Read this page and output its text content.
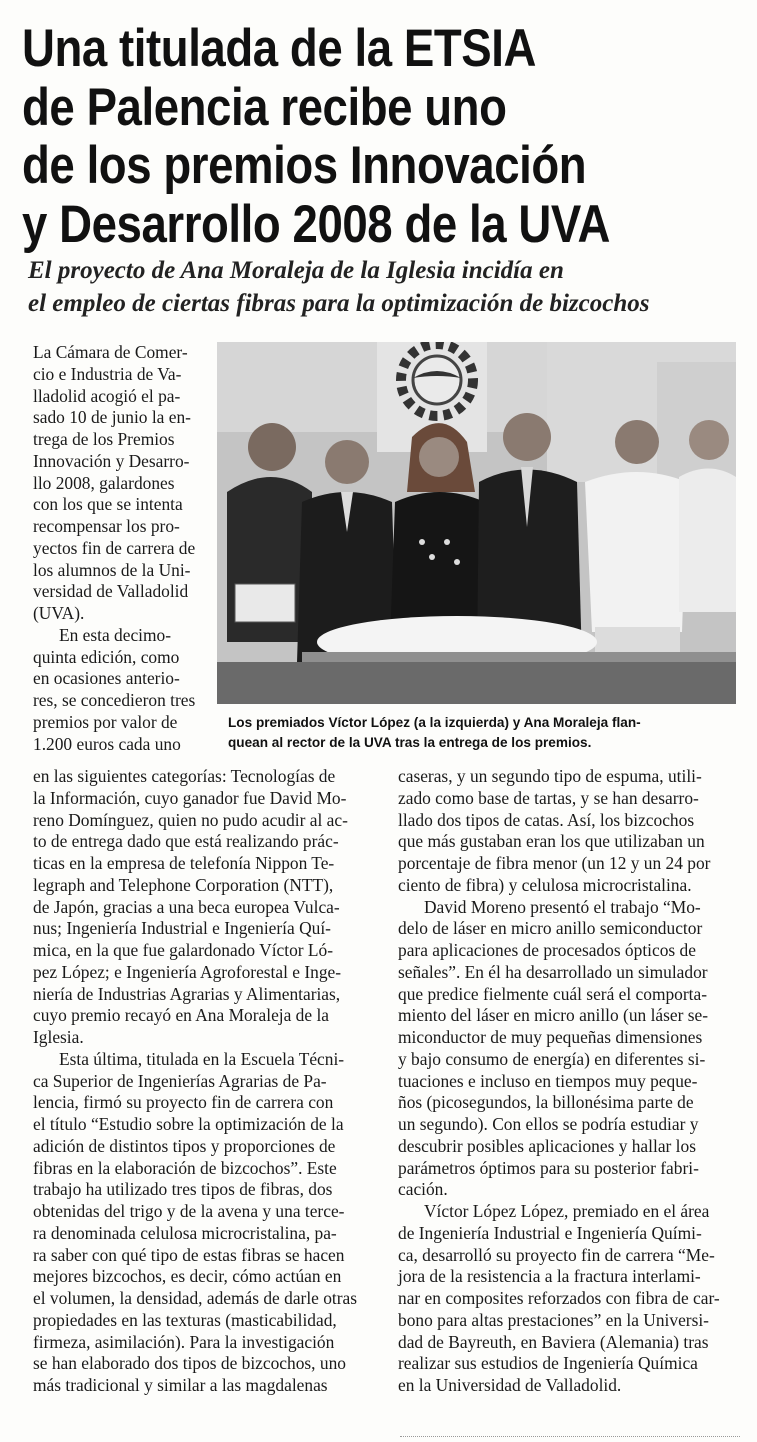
Una titulada de la ETSIA
de Palencia recibe uno
de los premios Innovación
y Desarrollo 2008 de la UVA
El proyecto de Ana Moraleja de la Iglesia incidía en
el empleo de ciertas fibras para la optimización de bizcochos
La Cámara de Comer-
cio e Industria de Va-
lladolid acogió el pa-
sado 10 de junio la en-
trega de los Premios
Innovación y Desarro-
llo 2008, galardones
con los que se intenta
recompensar los pro-
yectos fin de carrera de
los alumnos de la Uni-
versidad de Valladolid
(UVA).
En esta decimo-
quinta edición, como
en ocasiones anterio-
res, se concedieron tres
premios por valor de
1.200 euros cada uno
Los premiados Víctor López (a la izquierda) y Ana Moraleja flan-
quean al rector de la UVA tras la entrega de los premios.
en las siguientes categorías: Tecnologías de
la Información, cuyo ganador fue David Mo-
reno Domínguez, quien no pudo acudir al ac-
to de entrega dado que está realizando prác-
ticas en la empresa de telefonía Nippon Te-
legraph and Telephone Corporation (NTT),
de Japón, gracias a una beca europea Vulca-
nus; Ingeniería Industrial e Ingeniería Quí-
mica, en la que fue galardonado Víctor Ló-
pez López; e Ingeniería Agroforestal e Inge-
niería de Industrias Agrarias y Alimentarias,
cuyo premio recayó en Ana Moraleja de la
Iglesia.
Esta última, titulada en la Escuela Técni-
ca Superior de Ingenierías Agrarias de Pa-
lencia, firmó su proyecto fin de carrera con
el título “Estudio sobre la optimización de la
adición de distintos tipos y proporciones de
fibras en la elaboración de bizcochos”. Este
trabajo ha utilizado tres tipos de fibras, dos
obtenidas del trigo y de la avena y una terce-
ra denominada celulosa microcristalina, pa-
ra saber con qué tipo de estas fibras se hacen
mejores bizcochos, es decir, cómo actúan en
el volumen, la densidad, además de darle otras
propiedades en las texturas (masticabilidad,
firmeza, asimilación). Para la investigación
se han elaborado dos tipos de bizcochos, uno
más tradicional y similar a las magdalenas
caseras, y un segundo tipo de espuma, utili-
zado como base de tartas, y se han desarro-
llado dos tipos de catas. Así, los bizcochos
que más gustaban eran los que utilizaban un
porcentaje de fibra menor (un 12 y un 24 por
ciento de fibra) y celulosa microcristalina.
David Moreno presentó el trabajo “Mo-
delo de láser en micro anillo semiconductor
para aplicaciones de procesados ópticos de
señales”. En él ha desarrollado un simulador
que predice fielmente cuál será el comporta-
miento del láser en micro anillo (un láser se-
miconductor de muy pequeñas dimensiones
y bajo consumo de energía) en diferentes si-
tuaciones e incluso en tiempos muy peque-
ños (picosegundos, la billonésima parte de
un segundo). Con ellos se podría estudiar y
descubrir posibles aplicaciones y hallar los
parámetros óptimos para su posterior fabri-
cación.
Víctor López López, premiado en el área
de Ingeniería Industrial e Ingeniería Quími-
ca, desarrolló su proyecto fin de carrera “Me-
jora de la resistencia a la fractura interlami-
nar en composites reforzados con fibra de car-
bono para altas prestaciones” en la Universi-
dad de Bayreuth, en Baviera (Alemania) tras
realizar sus estudios de Ingeniería Química
en la Universidad de Valladolid.
